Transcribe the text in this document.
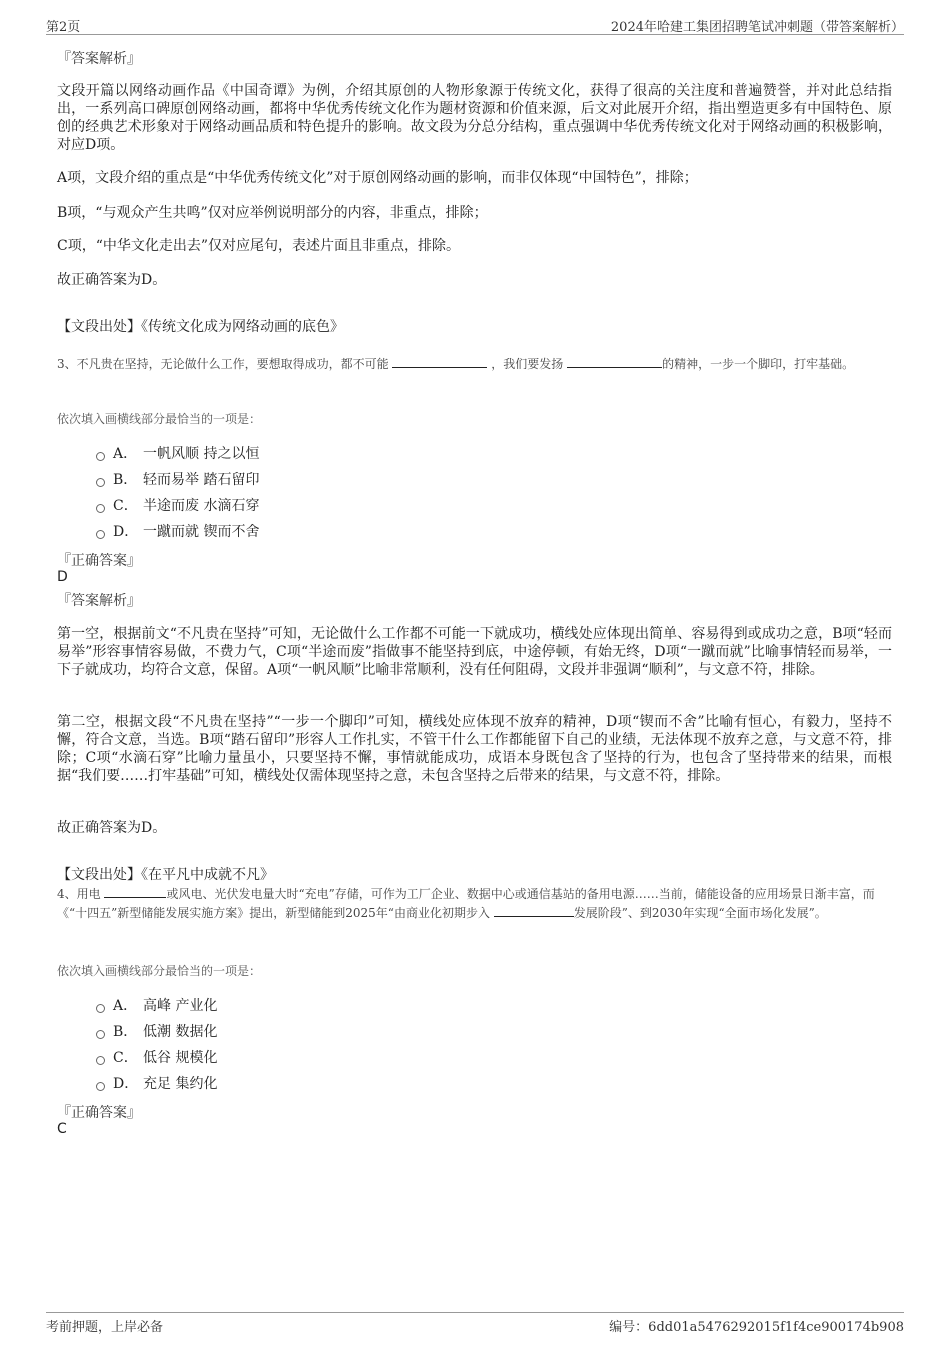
第2页	2024年哈建工集团招聘笔试冲刺题（带答案解析）
『答案解析』

文段开篇以网络动画作品《中国奇谭》为例，介绍其原创的人物形象源于传统文化，获得了很高的关注度和普遍赞誉，并对此总结指出，一系列高口碑原创网络动画，都将中华优秀传统文化作为题材资源和价值来源，后文对此展开介绍，指出塑造更多有中国特色、原创的经典艺术形象对于网络动画品质和特色提升的影响。故文段为分总分结构，重点强调中华优秀传统文化对于网络动画的积极影响，对应D项。

A项，文段介绍的重点是“中华优秀传统文化”对于原创网络动画的影响，而非仅体现“中国特色”，排除；

B项，“与观众产生共鸣”仅对应举例说明部分的内容，非重点，排除；

C项，“中华文化走出去”仅对应尾句，表述片面且非重点，排除。

故正确答案为D。

【文段出处】《传统文化成为网络动画的底色》

3、不凡贵在坚持，无论做什么工作，要想取得成功，都不可能	，我们要发扬	的精神，一步一个脚印，打牢基础。
依次填入画横线部分最恰当的一项是：
A． 一帆风顺 持之以恒
B． 轻而易举 踏石留印
C． 半途而废 水滴石穿
D． 一蹴而就 锲而不舍
『正确答案』
D
『答案解析』

第一空，根据前文“不凡贵在坚持”可知，无论做什么工作都不可能一下就成功，横线处应体现出简单、容易得到或成功之意，B项“轻而易举”形容事情容易做，不费力气，C项“半途而废”指做事不能坚持到底，中途停顿，有始无终，D项“一蹴而就”比喻事情轻而易举，一下子就成功，均符合文意，保留。A项“一帆风顺”比喻非常顺利，没有任何阻碍，文段并非强调“顺利”，与文意不符，排除。

第二空，根据文段“不凡贵在坚持”“一步一个脚印”可知，横线处应体现不放弃的精神，D项“锲而不舍”比喻有恒心，有毅力，坚持不懈，符合文意，当选。B项“踏石留印”形容人工作扎实，不管干什么工作都能留下自己的业绩，无法体现不放弃之意，与文意不符，排除；C项“水滴石穿”比喻力量虽小，只要坚持不懈，事情就能成功，成语本身既包含了坚持的行为，也包含了坚持带来的结果，而根据“我们要……打牢基础”可知，横线处仅需体现坚持之意，未包含坚持之后带来的结果，与文意不符，排除。

故正确答案为D。

【文段出处】《在平凡中成就不凡》

4、用电	或风电、光伏发电量大时“充电”存储，可作为工厂企业、数据中心或通信基站的备用电源……当前，储能设备的应用场景日渐丰富，而《“十四五”新型储能发展实施方案》提出，新型储能到2025年“由商业化初期步入	发展阶段”、到2030年实现“全面市场化发展”。
依次填入画横线部分最恰当的一项是：
A． 高峰 产业化
B． 低潮 数据化
C． 低谷 规模化
D． 充足 集约化
『正确答案』
C
考前押题，上岸必备	编号：6dd01a5476292015f1f4ce900174b908
